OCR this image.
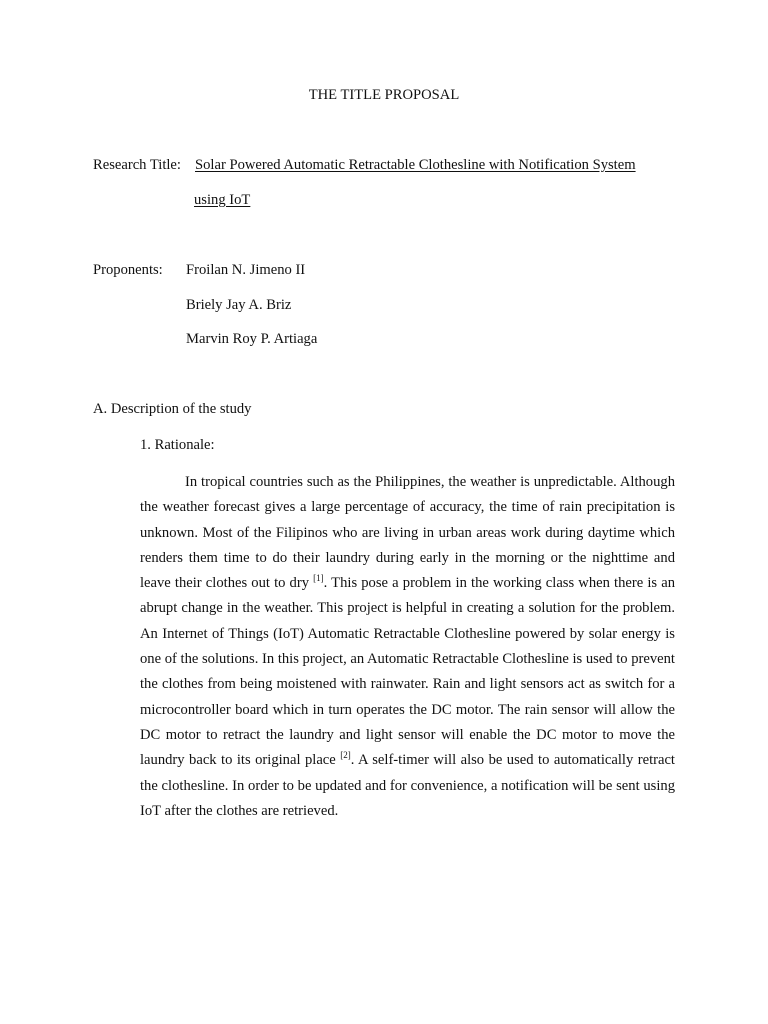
THE TITLE PROPOSAL
Research Title: Solar Powered Automatic Retractable Clothesline with Notification System
using IoT
Proponents: Froilan N. Jimeno II
Briely Jay A. Briz
Marvin Roy P. Artiaga
A. Description of the study
1. Rationale:

In tropical countries such as the Philippines, the weather is unpredictable. Although the weather forecast gives a large percentage of accuracy, the time of rain precipitation is unknown. Most of the Filipinos who are living in urban areas work during daytime which renders them time to do their laundry during early in the morning or the nighttime and leave their clothes out to dry [1]. This pose a problem in the working class when there is an abrupt change in the weather. This project is helpful in creating a solution for the problem. An Internet of Things (IoT) Automatic Retractable Clothesline powered by solar energy is one of the solutions. In this project, an Automatic Retractable Clothesline is used to prevent the clothes from being moistened with rainwater. Rain and light sensors act as switch for a microcontroller board which in turn operates the DC motor. The rain sensor will allow the DC motor to retract the laundry and light sensor will enable the DC motor to move the laundry back to its original place [2]. A self-timer will also be used to automatically retract the clothesline. In order to be updated and for convenience, a notification will be sent using IoT after the clothes are retrieved.
